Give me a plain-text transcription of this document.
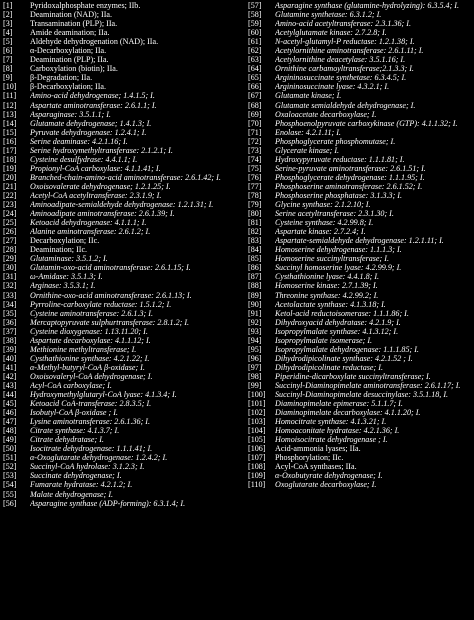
[1]	Pyridoxalphosphate enzymes; IIb.
[2]	Deamination (NAD); IIa.
[3]	Transamination (PLP); IIa.
[4]	Amide deamination; IIa.
[5]	Aldehyde dehydrogenation (NAD); IIa.
[6]	α-Decarboxylation; IIa.
[7]	Deamination (PLP); IIa.
[8]	Carboxylation (biotin); IIa.
[9]	β-Degradation; IIa.
[10]	β-Decarboxylation; IIa.
[11]	Amino-acid dehydrogenase; 1.4.1.5; I.
[12]	Aspartate aminotransferase: 2.6.1.1; I.
[13]	Asparaginase: 3.5.1.1; I.
[14]	Glutamate dehydrogenase; 1.4.1.3; I.
[15]	Pyruvate dehydrogenase: 1.2.4.1; I.
[16]	Serine deaminase: 4.2.1.16; I.
[17]	Serine hydroxymethyltransferase: 2.1.2.1; I.
[18]	Cysteine desulfydrase: 4.4.1.1; I.
[19]	Propionyl-CoA carboxylase: 4.1.1.41; I.
[20]	Branched-chain-amino-acid aminotransferase: 2.6.1.42; I.
[21]	Oxoisovalerate dehydrogenase; 1.2.1.25; I.
[22]	Acetyl-CoA acetyltransferase: 2.3.1.9; I.
[23]	Aminoadipate-semialdehyde dehydrogenase: 1.2.1.31; I.
[24]	Aminoadipate aminotransferase: 2.6.1.39; I.
[25]	Ketoacid dehydrogenase: 4.1.1.1; I.
[26]	Alanine aminotransferase: 2.6.1.2; I.
[27]	Decarboxylation; IIc.
[28]	Deamination; IIc.
[29]	Glutaminase: 3.5.1.2; I.
[30]	Glutamin-oxo-acid aminotransferase: 2.6.1.15; I.
[31]	ω-Amidase: 3.5.1.3; I.
[32]	Arginase: 3.5.3.1; I.
[33]	Ornithine-oxo-acid aminotransferase: 2.6.1.13; I.
[34]	Pyrroline-carboxylate reductase: 1.5.1.2; I.
[35]	Cysteine aminotransferase: 2.6.1.3; I.
[36]	Mercaptopyruvate sulphurtransferase: 2.8.1.2; I.
[37]	Cysteine dioxygenase: 1.13.11.20; I.
[38]	Aspartate decarboxylase: 4.1.1.12; I.
[39]	Methionine methyltransferase; I.
[40]	Cysthathionine synthase: 4.2.1.22; I.
[41]	α-Methyl-butyryl-CoA β-oxidase; I.
[42]	Oxoisovaleryl-CoA dehydrogenase; I.
[43]	Acyl-CoA carboxylase; I.
[44]	Hydroxymethylglutaryl-CoA lyase: 4.1.3.4; I.
[45]	Ketoacid CoA-transferase: 2.8.3.5; I.
[46]	Isobutyl-CoA β-oxidase ; I.
[47]	Lysine aminotransferase: 2.6.1.36; I.
[48]	Citrate synthase: 4.1.3.7; I.
[49]	Citrate dehydratase; I.
[50]	Isocitrate dehydrogenase: 1.1.1.41; I.
[51]	α-Oxoglutarate dehydrogenase: 1.2.4.2; I.
[52]	Succinyl-CoA hydrolase: 3.1.2.3; I.
[53]	Succinate dehydrogenase; I.
[54]	Fumarate hydratase: 4.2.1.2; I.
[55]	Malate dehydrogenase; I.
[56]	Asparagine synthase (ADP-forming): 6.3.1.4; I.
[57]	Asparagine synthase (glutamine-hydrolyzing): 6.3.5.4; I.
[58]	Glutamine synthetase: 6.3.1.2; I.
[59]	Amino-acid acetyltransferase: 2.3.1.36; I.
[60]	Acetylglutamate kinase: 2.7.2.8; I.
[61]	N-acetyl-glutamyl-P reductase: 1.2.1.38; I.
[62]	Acetylornithine aminotransferase: 2.6.1.11; I.
[63]	Acetylornithine deacetylase: 3.5.1.16; I.
[64]	Ornithine carbamoyltransferase;2.1.3.3; I.
[65]	Argininosuccinate synthetase: 6.3.4.5; I.
[66]	Argininosuccinate lyase: 4.3.2.1; I.
[67]	Glutamate kinase; I.
[68]	Glutamate semialdehyde dehydrogenase; I.
[69]	Oxaloacetate decarboxylase; I.
[70]	Phosphoenolpyruvate carboxykinase (GTP): 4.1.1.32; I.
[71]	Enolase: 4.2.1.11; I.
[72]	Phosphoglycerate phosphomutase; I.
[73]	Glycerate kinase; I.
[74]	Hydroxypyruvate reductase: 1.1.1.81; I.
[75]	Serine-pyruvate aminotransferase: 2.6.1.51; I.
[76]	Phosphoglycerate dehydrogenase: 1.1.1.95; I.
[77]	Phosphoserine aminotransferase: 2.6.1.52; I.
[78]	Phosphoserine phosphatase: 3.1.3.3; I.
[79]	Glycine synthase: 2.1.2.10; I.
[80]	Serine acetyltransferase: 2.3.1.30; I.
[81]	Cysteine synthase: 4.2.99.8; I.
[82]	Aspartate kinase: 2.7.2.4; I.
[83]	Aspartate-semialdehyde dehydrogenase: 1.2.1.11; I.
[84]	Homoserine dehydrogenase: 1.1.1.3; I.
[85]	Homoserine succinyltransferase; I.
[86]	Succinyl homoserine lyase: 4.2.99.9; I.
[87]	Cysthathionine lyase: 4.4.1.8; I.
[88]	Homoserine kinase: 2.7.1.39; I.
[89]	Threonine synthase: 4.2.99.2; I.
[90]	Acetolactate synthase: 4.1.3.18; I.
[91]	Ketol-acid reductoisomerase: 1.1.1.86; I.
[92]	Dihydroxyacid dehydratase: 4.2.1.9; I.
[93]	Isopropylmalate synthase: 4.1.3.12; I.
[94]	Isopropylmalate isomerase; I.
[95]	Isopropylmalate dehydrogenase: 1.1.1.85; I.
[96]	Dihydrodipicolinate synthase: 4.2.1.52 ; I.
[97]	Dihydrodipicolinate reductase; I.
[98]	Piperidine-dicarboxylate succinyltransferase; I.
[99]	Succinyl-Diaminopimelate aminotransferase: 2.6.1.17; I.
[100]	Succinyl-Diaminopimelate desuccinylase: 3.5.1.18, I.
[101]	Diaminopimelate epimerase: 5.1.1.7; I.
[102]	Diaminopimelate decarboxylase: 4.1.1.20; I.
[103]	Homocitrate synthase: 4.1.3.21; I.
[104]	Homoaconitate hydratase: 4.2.1.36; I.
[105]	Homoisocitrate dehydrogenase ; I.
[106]	Acid-ammonia lyases; IIa.
[107]	Phosphorylation; IIc.
[108]	Acyl-CoA synthases; IIa.
[109]	α-Oxobutyrate dehydrogenase; I.
[110]	Oxoglutarate decarboxylase; I.
